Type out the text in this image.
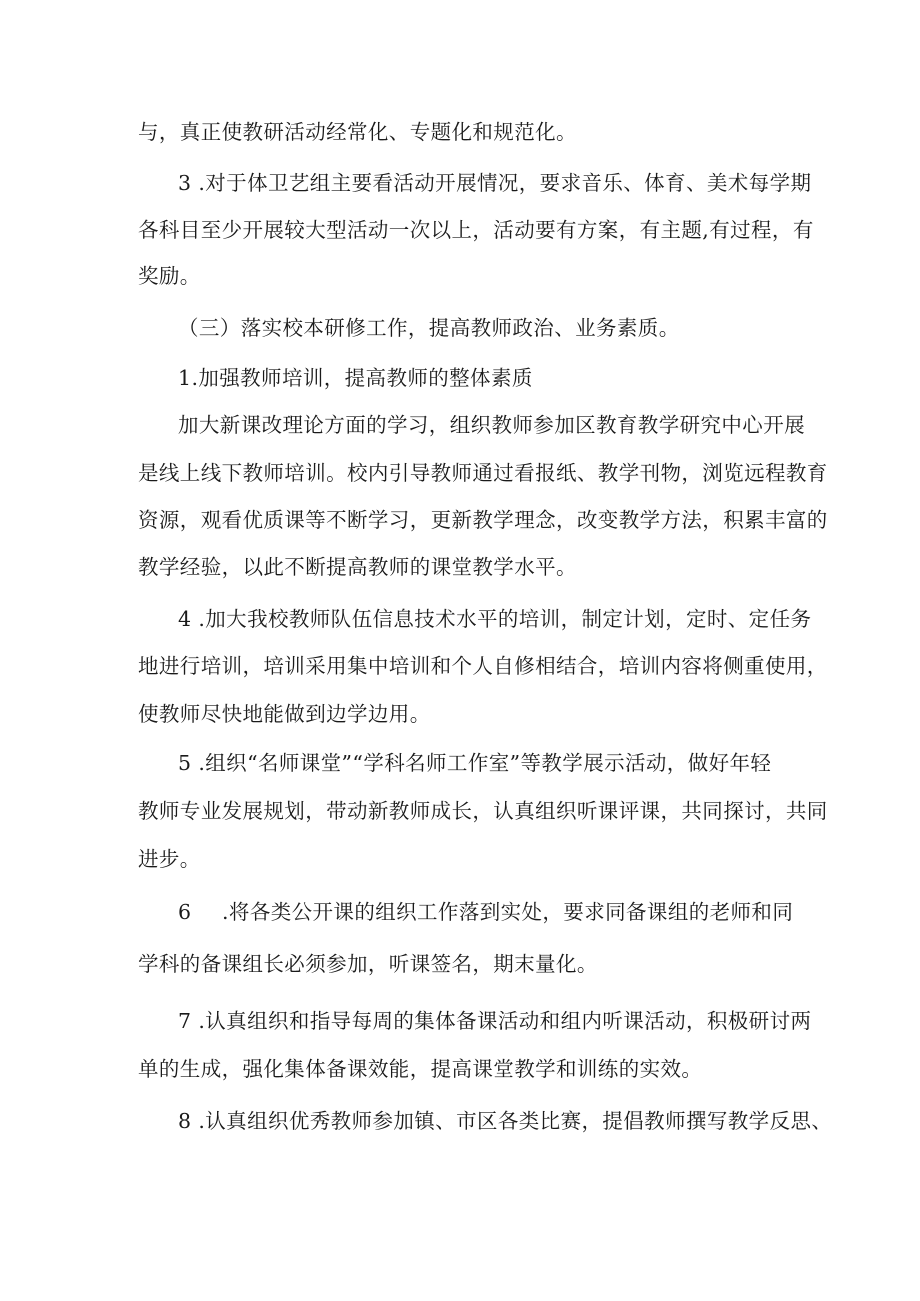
与，真正使教研活动经常化、专题化和规范化。
3 .对于体卫艺组主要看活动开展情况，要求音乐、体育、美术每学期
各科目至少开展较大型活动一次以上，活动要有方案，有主题,有过程，有
奖励。
（三）落实校本研修工作，提高教师政治、业务素质。
1.加强教师培训，提高教师的整体素质
加大新课改理论方面的学习，组织教师参加区教育教学研究中心开展
是线上线下教师培训。校内引导教师通过看报纸、教学刊物，浏览远程教育
资源，观看优质课等不断学习，更新教学理念，改变教学方法，积累丰富的
教学经验，以此不断提高教师的课堂教学水平。
4 .加大我校教师队伍信息技术水平的培训，制定计划，定时、定任务
地进行培训，培训采用集中培训和个人自修相结合，培训内容将侧重使用，
使教师尽快地能做到边学边用。
5 .组织“名师课堂”“学科名师工作室”等教学展示活动，做好年轻
教师专业发展规划，带动新教师成长，认真组织听课评课，共同探讨，共同
进步。
6 .将各类公开课的组织工作落到实处，要求同备课组的老师和同
学科的备课组长必须参加，听课签名，期末量化。
7 .认真组织和指导每周的集体备课活动和组内听课活动，积极研讨两
单的生成，强化集体备课效能，提高课堂教学和训练的实效。
8 .认真组织优秀教师参加镇、市区各类比赛，提倡教师撰写教学反思、
